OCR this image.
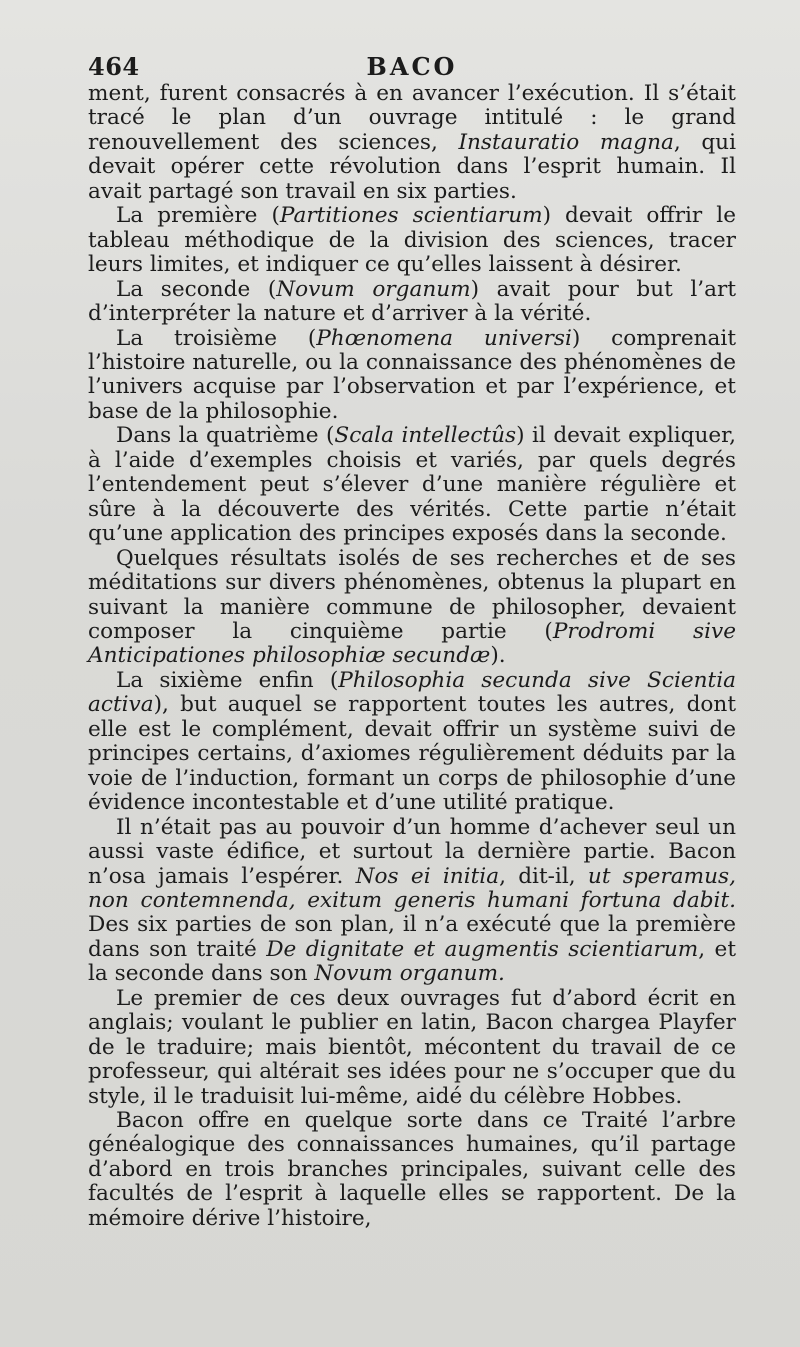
464	BACO

ment, furent consacrés à en avancer l’exécution. Il s’était tracé le plan d’un ouvrage intitulé : le grand renouvellement des sciences, Instauratio magna, qui devait opérer cette révolution dans l’esprit humain. Il avait partagé son travail en six parties.

La première (Partitiones scientiarum) devait offrir le tableau méthodique de la division des sciences, tracer leurs limites, et indiquer ce qu’elles laissent à désirer.

La seconde (Novum organum) avait pour but l’art d’interpréter la nature et d’arriver à la vérité.

La troisième (Phœnomena universi) comprenait l’histoire naturelle, ou la connaissance des phénomènes de l’univers acquise par l’observation et par l’expérience, et base de la philosophie.

Dans la quatrième (Scala intellectûs) il devait expliquer, à l’aide d’exemples choisis et variés, par quels degrés l’entendement peut s’élever d’une manière régulière et sûre à la découverte des vérités. Cette partie n’était qu’une application des principes exposés dans la seconde.

Quelques résultats isolés de ses recherches et de ses méditations sur divers phénomènes, obtenus la plupart en suivant la manière commune de philosopher, devaient composer la cinquième partie (Prodromi sive Anticipationes philosophiæ secundæ).

La sixième enfin (Philosophia secunda sive Scientia activa), but auquel se rapportent toutes les autres, dont elle est le complément, devait offrir un système suivi de principes certains, d’axiomes régulièrement déduits par la voie de l’induction, formant un corps de philosophie d’une évidence incontestable et d’une utilité pratique.

Il n’était pas au pouvoir d’un homme d’achever seul un aussi vaste édifice, et surtout la dernière partie. Bacon n’osa jamais l’espérer. Nos ei initia, dit-il, ut speramus, non contemnenda, exitum generis humani fortuna dabit. Des six parties de son plan, il n’a exécuté que la première dans son traité De dignitate et augmentis scientiarum, et la seconde dans son Novum organum.

Le premier de ces deux ouvrages fut d’abord écrit en anglais; voulant le publier en latin, Bacon chargea Playfer de le traduire; mais bientôt, mécontent du travail de ce professeur, qui altérait ses idées pour ne s’occuper que du style, il le traduisit lui-même, aidé du célèbre Hobbes.

Bacon offre en quelque sorte dans ce Traité l’arbre généalogique des connaissances humaines, qu’il partage d’abord en trois branches principales, suivant celle des facultés de l’esprit à laquelle elles se rapportent. De la mémoire dérive l’histoire,
